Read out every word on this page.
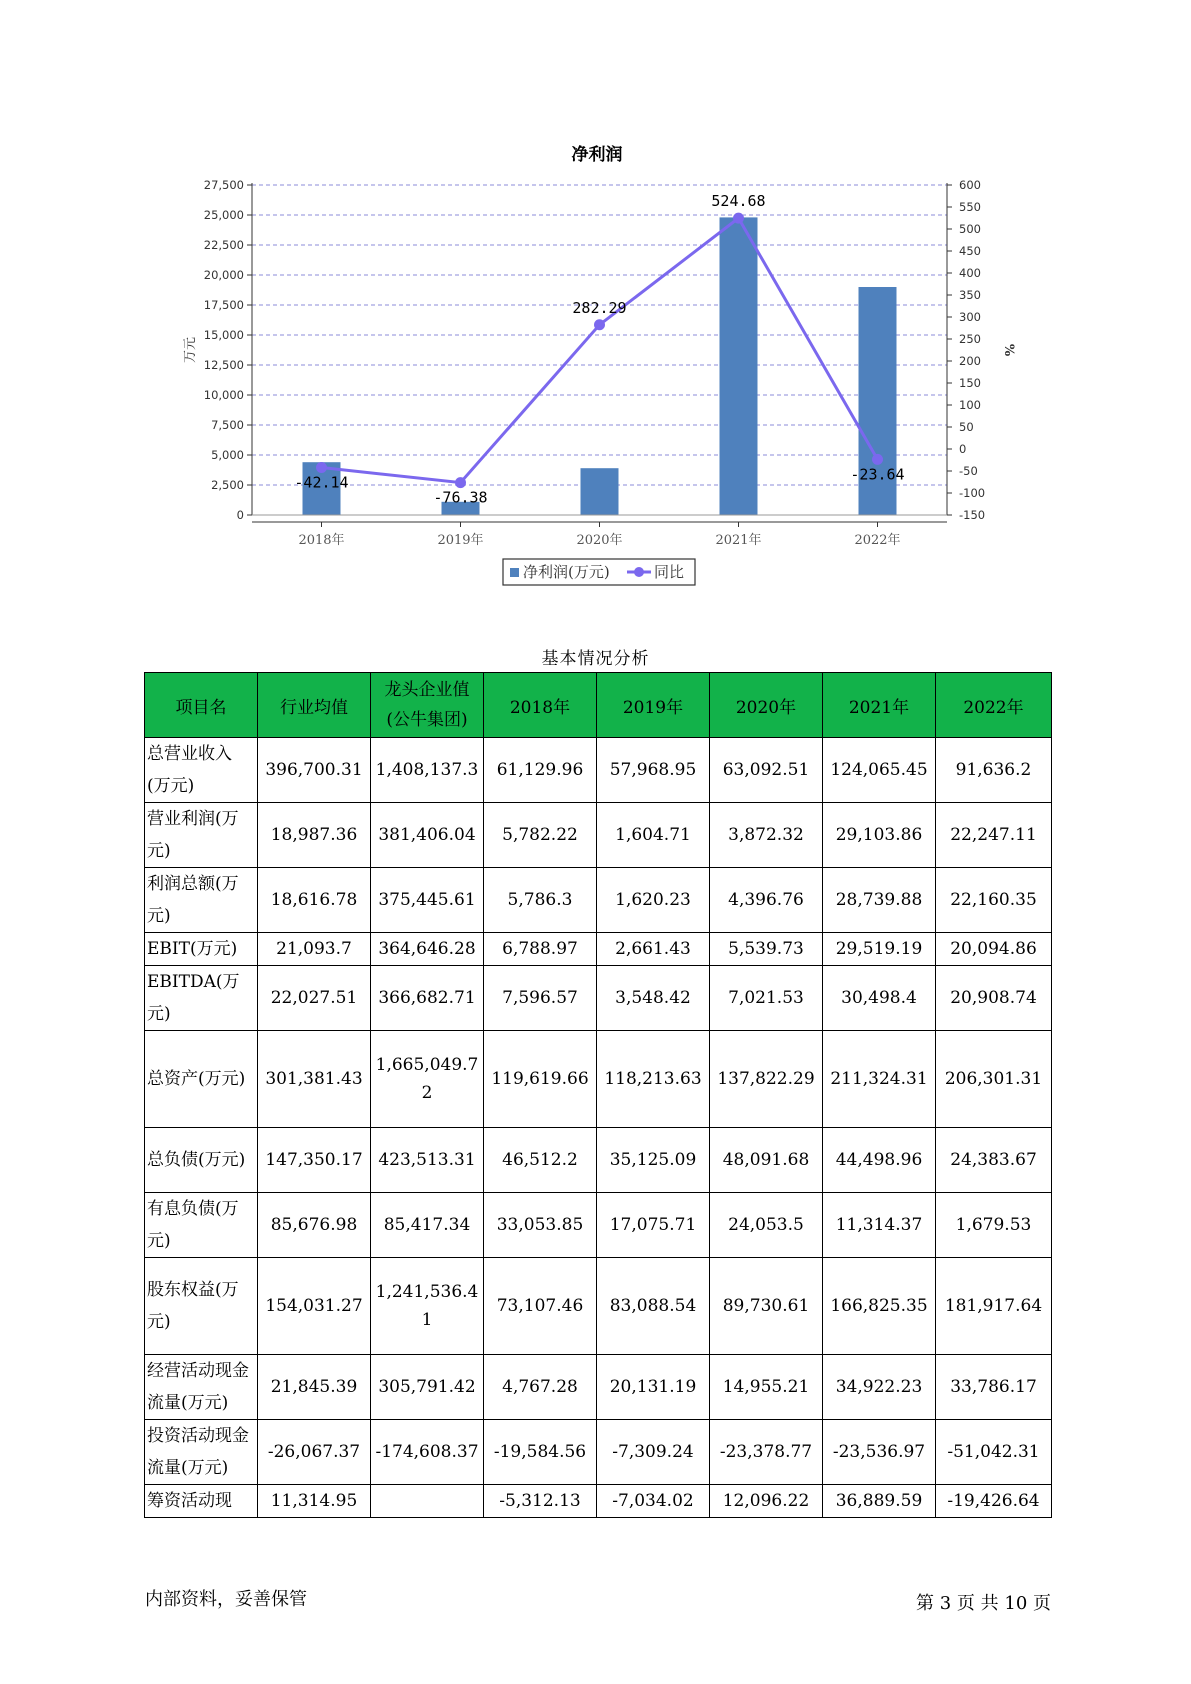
净利润
万元	%
0
2,500
5,000
7,500
10,000
12,500
15,000
17,500
20,000
22,500
25,000
27,500
-150
-100
-50
0
50
100
150
200
250
300
350
400
450
500
550
600
2018年	2019年	2020年	2021年	2022年
-42.14
-76.38
282.29
524.68
-23.64
净利润(万元)	同比
基本情况分析
项目名	行业均值	龙头企业值(公牛集团)	2018年	2019年	2020年	2021年	2022年
总营业收入(万元)	396,700.31	1,408,137.3	61,129.96	57,968.95	63,092.51	124,065.45	91,636.2
营业利润(万元)	18,987.36	381,406.04	5,782.22	1,604.71	3,872.32	29,103.86	22,247.11
利润总额(万元)	18,616.78	375,445.61	5,786.3	1,620.23	4,396.76	28,739.88	22,160.35
EBIT(万元)	21,093.7	364,646.28	6,788.97	2,661.43	5,539.73	29,519.19	20,094.86
EBITDA(万元)	22,027.51	366,682.71	7,596.57	3,548.42	7,021.53	30,498.4	20,908.74
总资产(万元)	301,381.43	1,665,049.72	119,619.66	118,213.63	137,822.29	211,324.31	206,301.31
总负债(万元)	147,350.17	423,513.31	46,512.2	35,125.09	48,091.68	44,498.96	24,383.67
有息负债(万元)	85,676.98	85,417.34	33,053.85	17,075.71	24,053.5	11,314.37	1,679.53
股东权益(万元)	154,031.27	1,241,536.41	73,107.46	83,088.54	89,730.61	166,825.35	181,917.64
经营活动现金流量(万元)	21,845.39	305,791.42	4,767.28	20,131.19	14,955.21	34,922.23	33,786.17
投资活动现金流量(万元)	-26,067.37	-174,608.37	-19,584.56	-7,309.24	-23,378.77	-23,536.97	-51,042.31
筹资活动现	11,314.95		-5,312.13	-7,034.02	12,096.22	36,889.59	-19,426.64
内部资料，妥善保管	第 3 页 共 10 页
